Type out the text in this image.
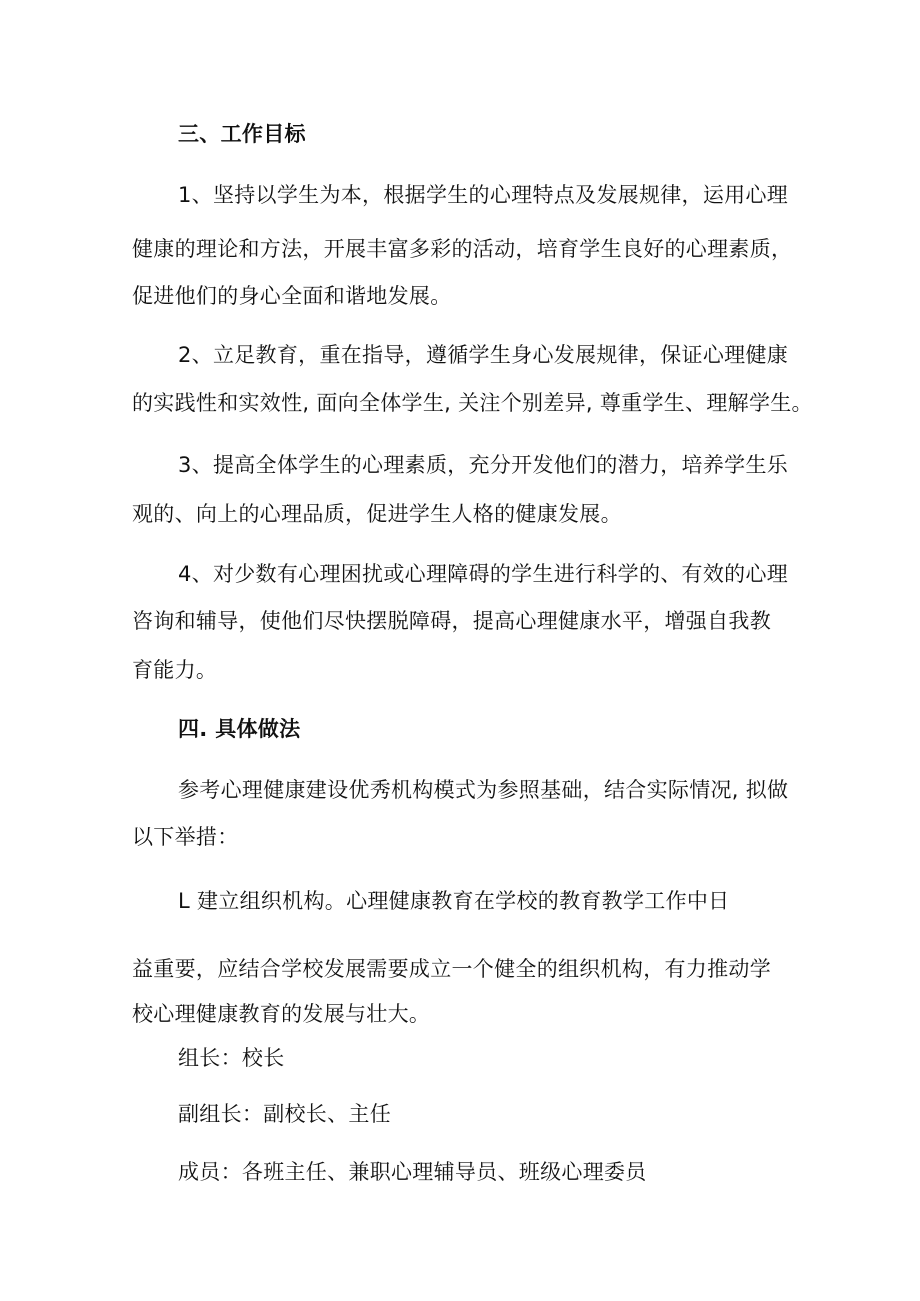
三、工作目标
1、坚持以学生为本，根据学生的心理特点及发展规律，运用心理
健康的理论和方法，开展丰富多彩的活动，培育学生良好的心理素质，
促进他们的身心全面和谐地发展。
2、立足教育，重在指导，遵循学生身心发展规律，保证心理健康
的实践性和实效性, 面向全体学生, 关注个别差异, 尊重学生、理解学生。
3、提高全体学生的心理素质，充分开发他们的潜力，培养学生乐
观的、向上的心理品质，促进学生人格的健康发展。
4、对少数有心理困扰或心理障碍的学生进行科学的、有效的心理
咨询和辅导，使他们尽快摆脱障碍，提高心理健康水平，增强自我教
育能力。
四. 具体做法
参考心理健康建设优秀机构模式为参照基础，结合实际情况, 拟做
以下举措：
L 建立组织机构。心理健康教育在学校的教育教学工作中日
益重要，应结合学校发展需要成立一个健全的组织机构，有力推动学
校心理健康教育的发展与壮大。
组长：校长
副组长：副校长、主任
成员：各班主任、兼职心理辅导员、班级心理委员
